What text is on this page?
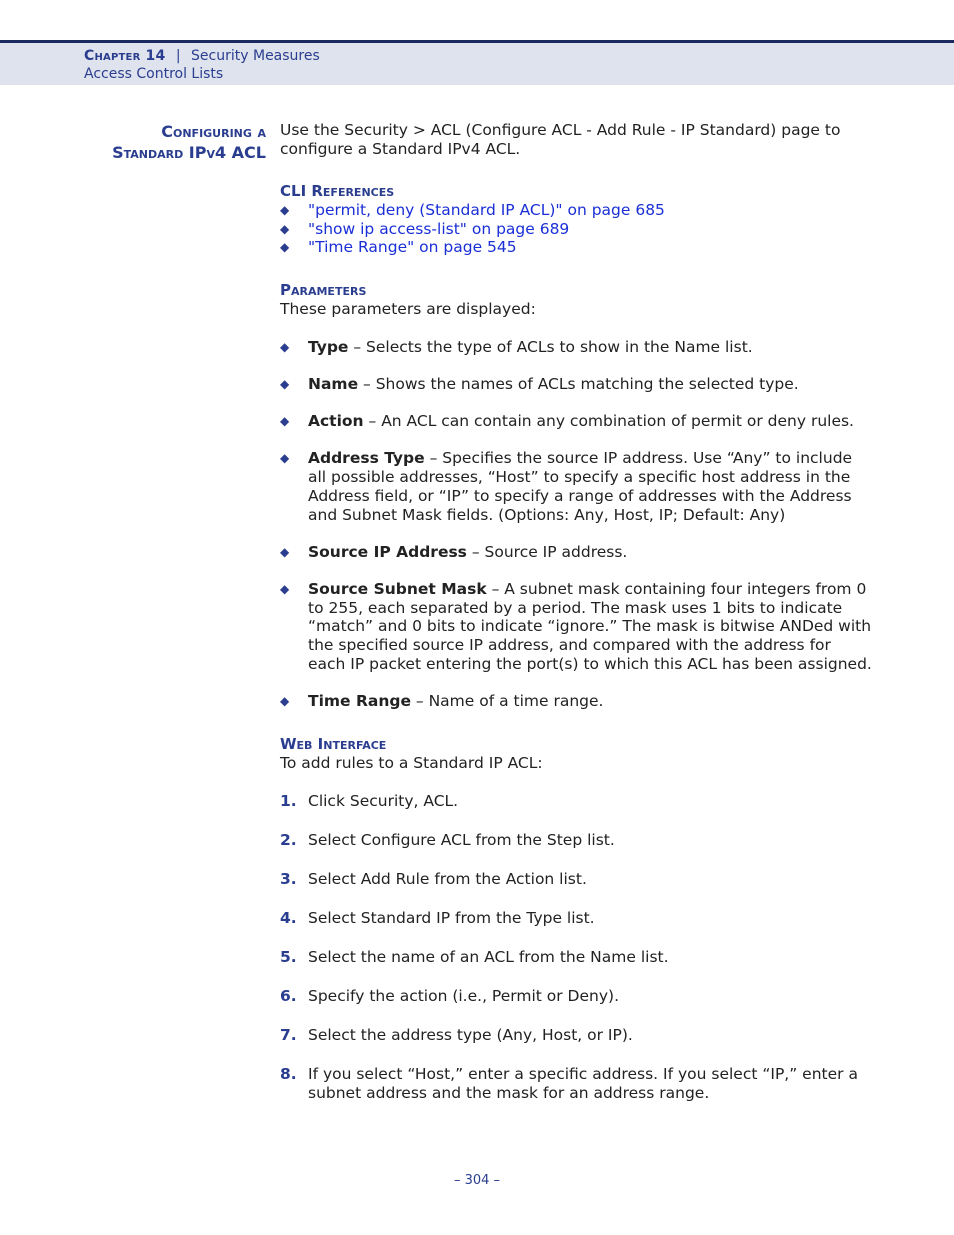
Chapter 14 | Security Measures
Access Control Lists
Configuring a
Standard IPv4 ACL

Use the Security > ACL (Configure ACL - Add Rule - IP Standard) page to configure a Standard IPv4 ACL.

CLI References
◆ "permit, deny (Standard IP ACL)" on page 685
◆ "show ip access-list" on page 689
◆ "Time Range" on page 545
Parameters

These parameters are displayed:

◆ Type – Selects the type of ACLs to show in the Name list.
◆ Name – Shows the names of ACLs matching the selected type.
◆ Action – An ACL can contain any combination of permit or deny rules.
◆ Address Type – Specifies the source IP address. Use “Any” to include all possible addresses, “Host” to specify a specific host address in the Address field, or “IP” to specify a range of addresses with the Address and Subnet Mask fields. (Options: Any, Host, IP; Default: Any)
◆ Source IP Address – Source IP address.
◆ Source Subnet Mask – A subnet mask containing four integers from 0 to 255, each separated by a period. The mask uses 1 bits to indicate “match” and 0 bits to indicate “ignore.” The mask is bitwise ANDed with the specified source IP address, and compared with the address for each IP packet entering the port(s) to which this ACL has been assigned.
◆ Time Range – Name of a time range.
Web Interface

To add rules to a Standard IP ACL:

1. Click Security, ACL.
2. Select Configure ACL from the Step list.
3. Select Add Rule from the Action list.
4. Select Standard IP from the Type list.
5. Select the name of an ACL from the Name list.
6. Specify the action (i.e., Permit or Deny).
7. Select the address type (Any, Host, or IP).
8. If you select “Host,” enter a specific address. If you select “IP,” enter a subnet address and the mask for an address range.
– 304 –
